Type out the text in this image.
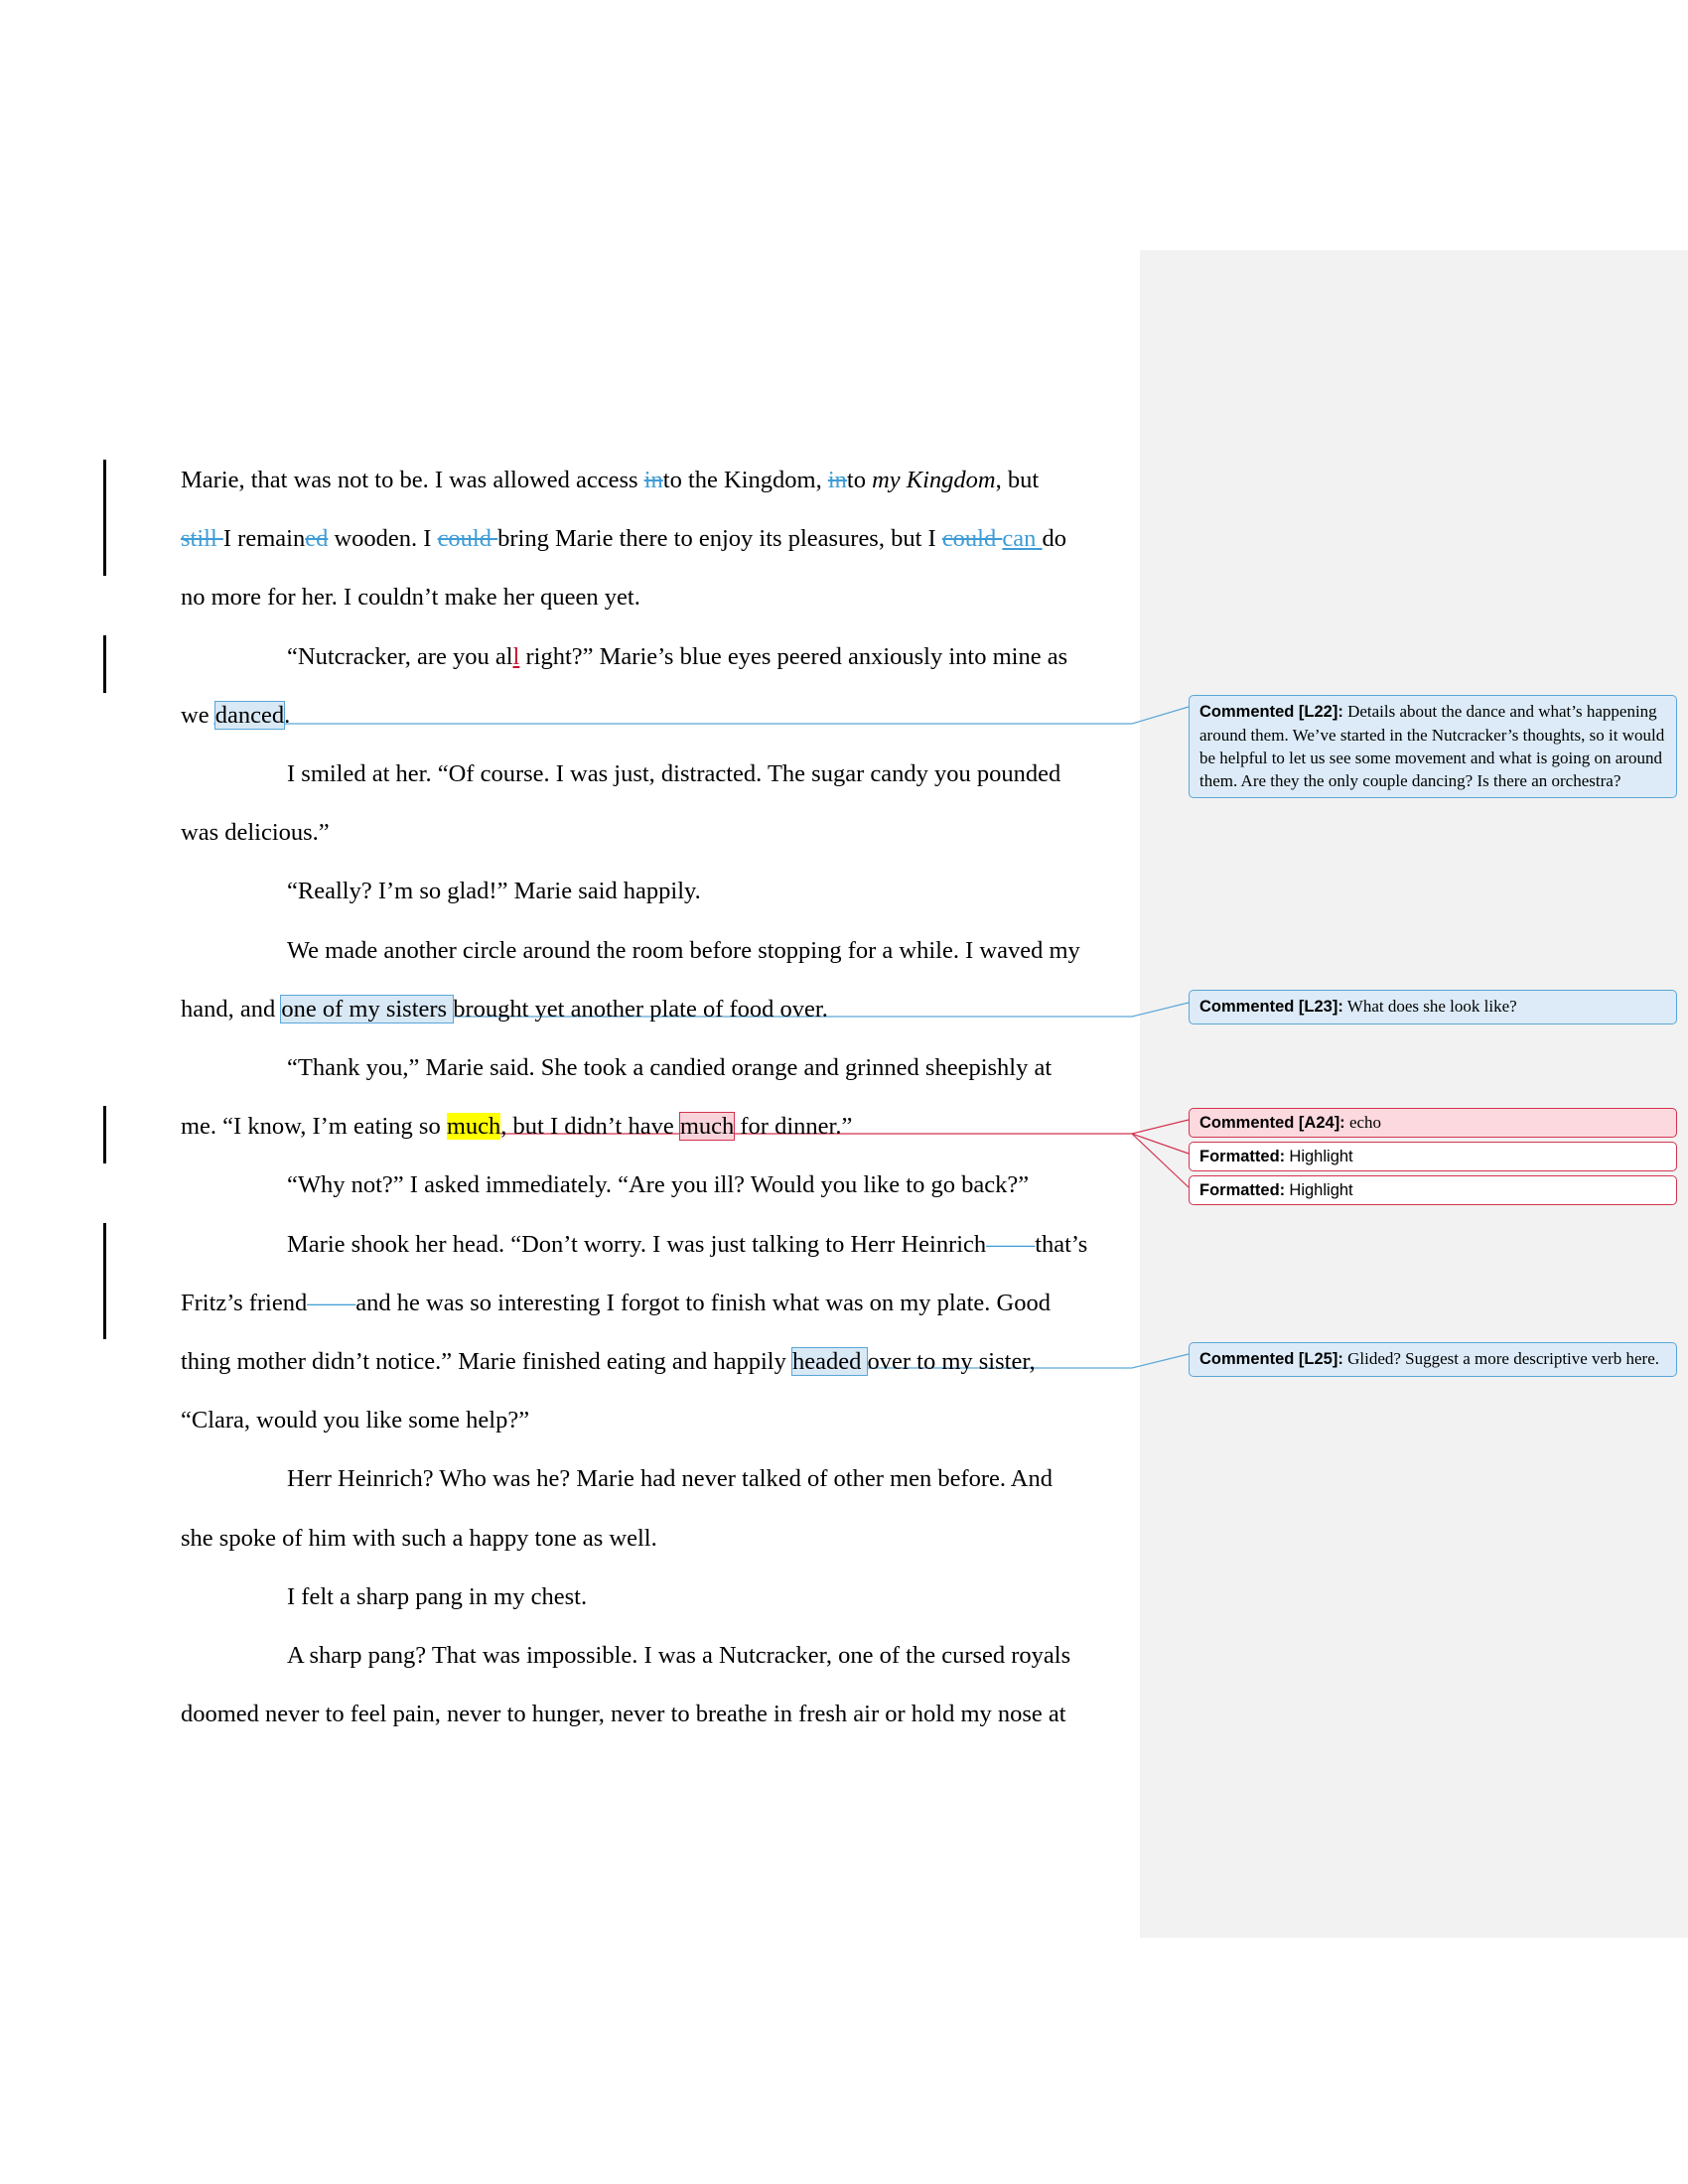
Marie, that was not to be. I was allowed access into the Kingdom, into my Kingdom, but

still I remained wooden. I could bring Marie there to enjoy its pleasures, but I could can do

no more for her. I couldn’t make her queen yet.

“Nutcracker, are you all right?” Marie’s blue eyes peered anxiously into mine as

we danced.

I smiled at her. “Of course. I was just, distracted. The sugar candy you pounded

was delicious.”

“Really? I’m so glad!” Marie said happily.

We made another circle around the room before stopping for a while. I waved my

hand, and one of my sisters brought yet another plate of food over.

“Thank you,” Marie said. She took a candied orange and grinned sheepishly at

me. “I know, I’m eating so much, but I didn’t have much for dinner.”

“Why not?” I asked immediately. “Are you ill? Would you like to go back?”

Marie shook her head. “Don’t worry. I was just talking to Herr Heinrich——that’s

Fritz’s friend——and he was so interesting I forgot to finish what was on my plate. Good

thing mother didn’t notice.” Marie finished eating and happily headed over to my sister,

“Clara, would you like some help?”

Herr Heinrich? Who was he? Marie had never talked of other men before. And

she spoke of him with such a happy tone as well.

I felt a sharp pang in my chest.

A sharp pang? That was impossible. I was a Nutcracker, one of the cursed royals

doomed never to feel pain, never to hunger, never to breathe in fresh air or hold my nose at

Commented [L22]: Details about the dance and what’s happening around them. We’ve started in the Nutcracker’s thoughts, so it would be helpful to let us see some movement and what is going on around them. Are they the only couple dancing? Is there an orchestra?
Commented [L23]: What does she look like?
Commented [A24]: echo
Formatted: Highlight
Formatted: Highlight
Commented [L25]: Glided? Suggest a more descriptive verb here.
